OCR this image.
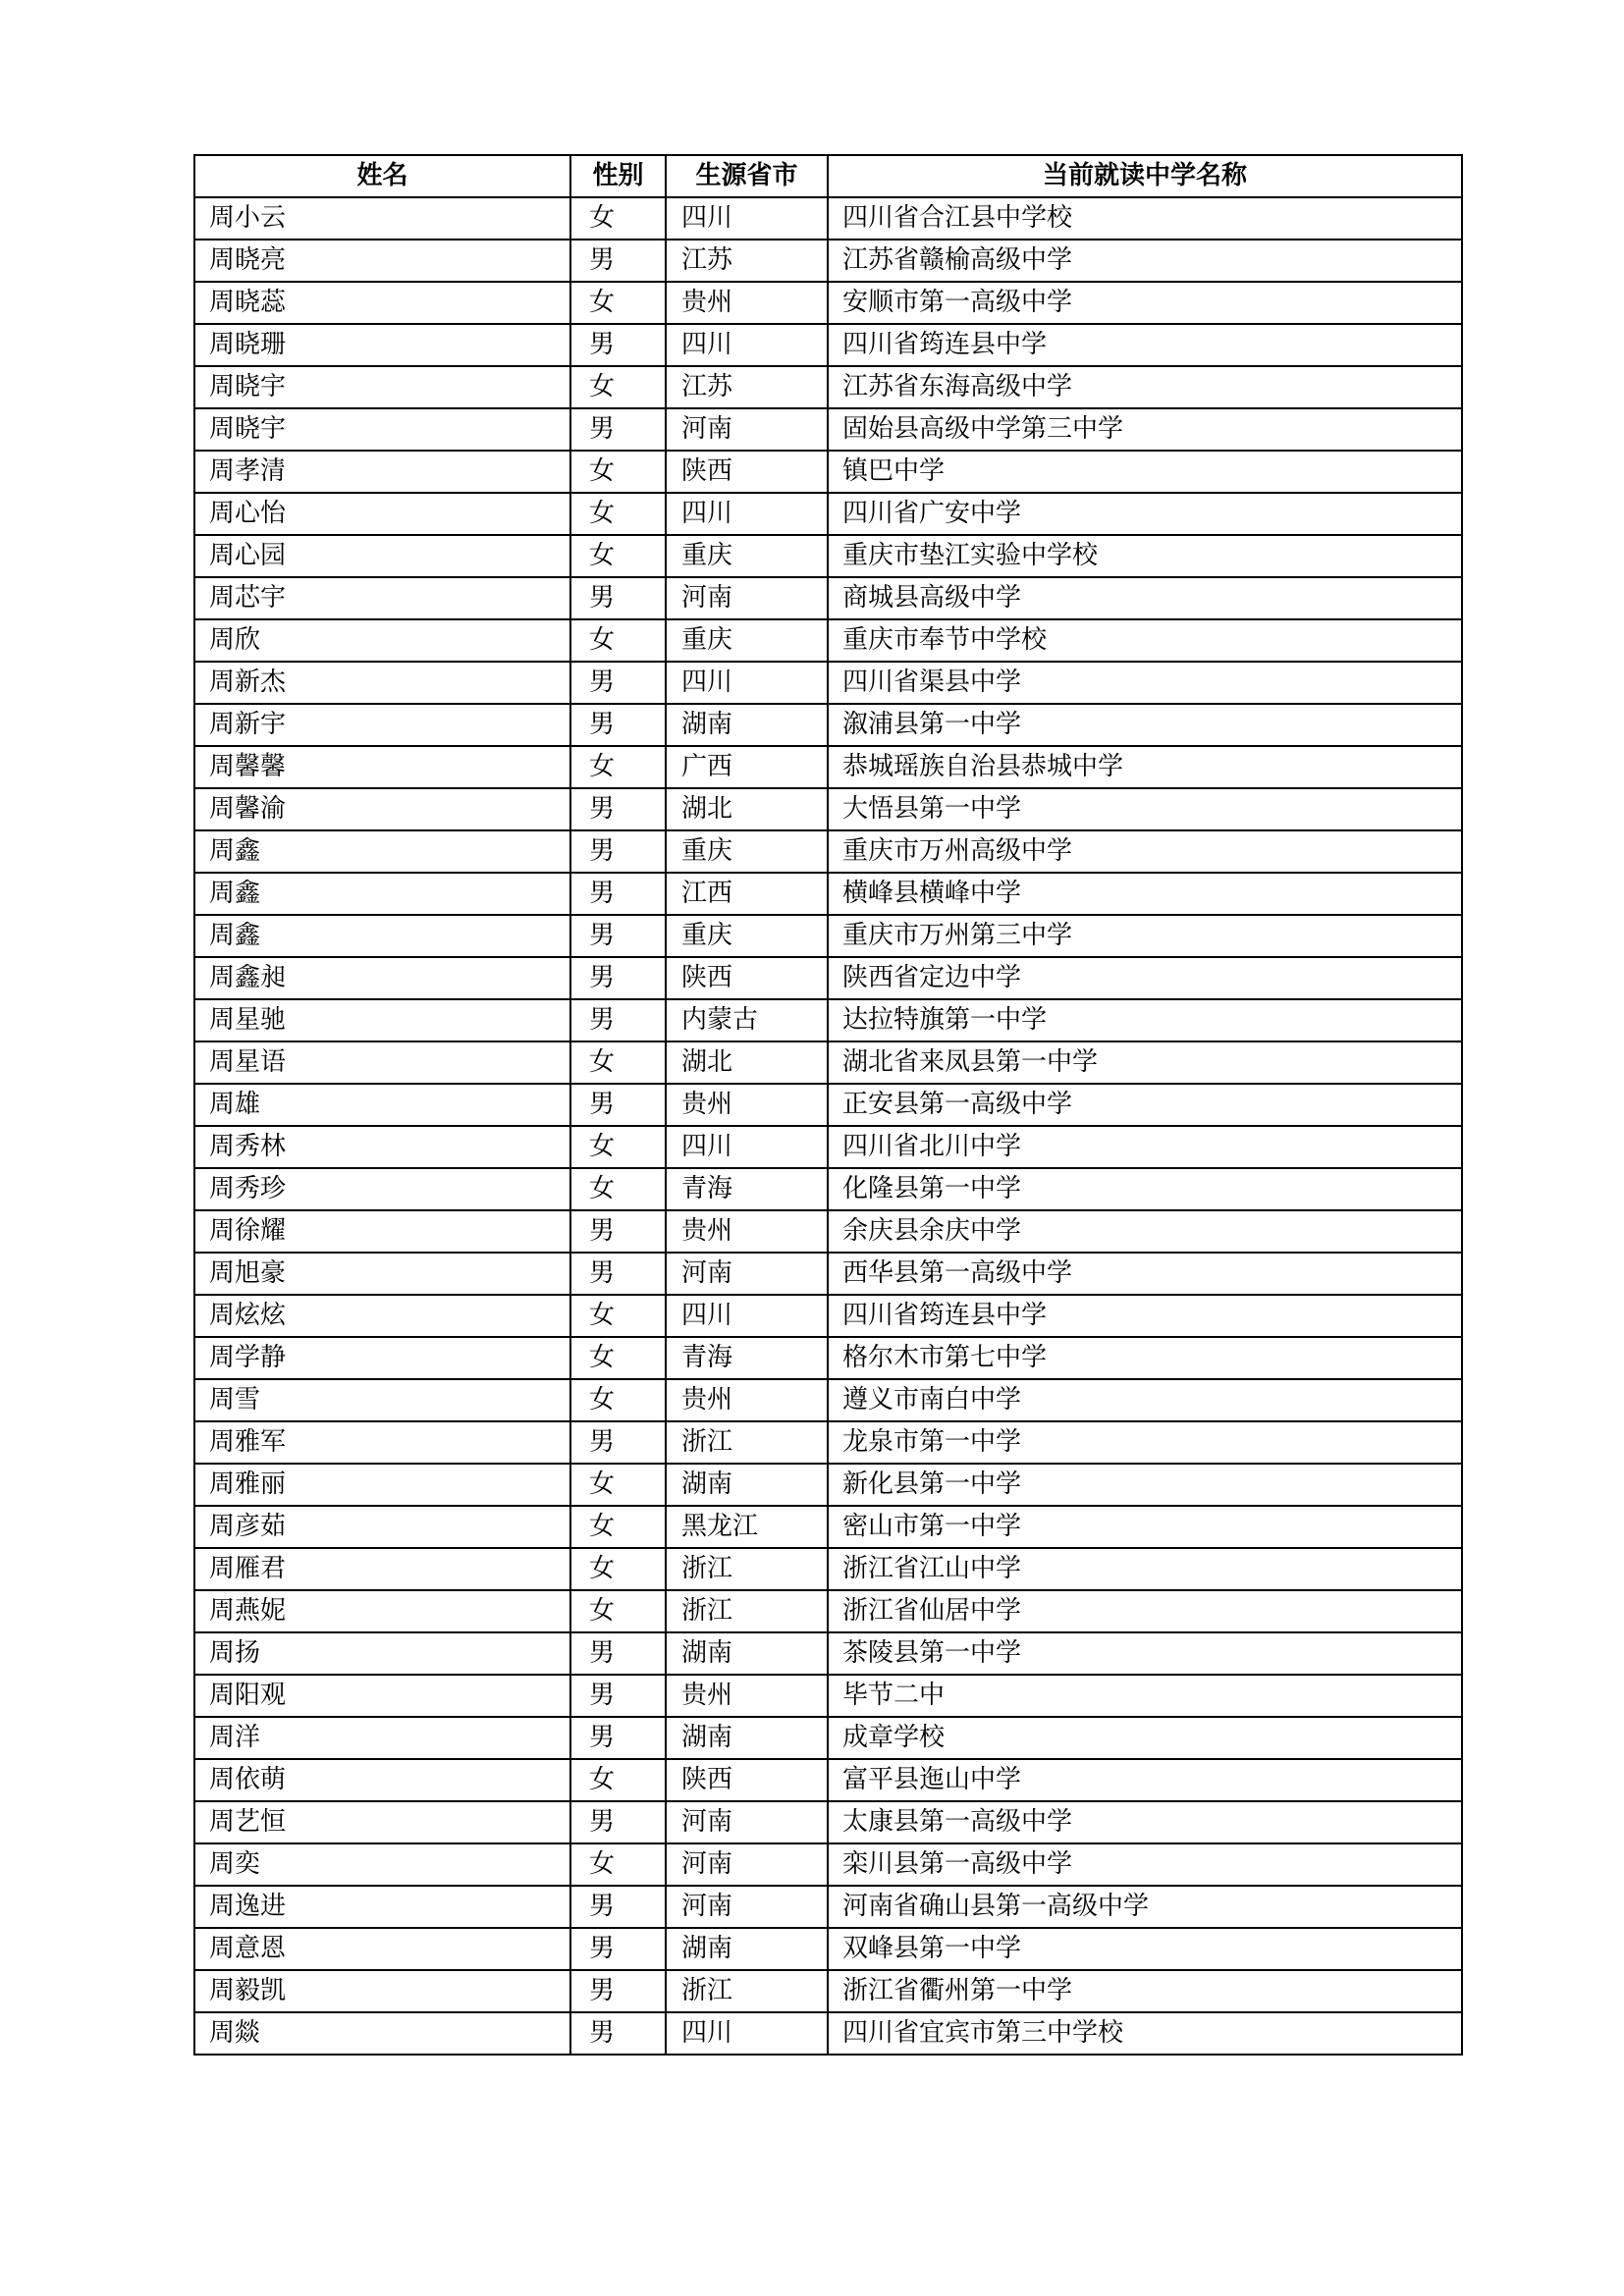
姓名	性别	生源省市	当前就读中学名称
周小云	女	四川	四川省合江县中学校
周晓亮	男	江苏	江苏省赣榆高级中学
周晓蕊	女	贵州	安顺市第一高级中学
周晓珊	男	四川	四川省筠连县中学
周晓宇	女	江苏	江苏省东海高级中学
周晓宇	男	河南	固始县高级中学第三中学
周孝清	女	陕西	镇巴中学
周心怡	女	四川	四川省广安中学
周心园	女	重庆	重庆市垫江实验中学校
周芯宇	男	河南	商城县高级中学
周欣	女	重庆	重庆市奉节中学校
周新杰	男	四川	四川省渠县中学
周新宇	男	湖南	溆浦县第一中学
周馨馨	女	广西	恭城瑶族自治县恭城中学
周馨渝	男	湖北	大悟县第一中学
周鑫	男	重庆	重庆市万州高级中学
周鑫	男	江西	横峰县横峰中学
周鑫	男	重庆	重庆市万州第三中学
周鑫昶	男	陕西	陕西省定边中学
周星驰	男	内蒙古	达拉特旗第一中学
周星语	女	湖北	湖北省来凤县第一中学
周雄	男	贵州	正安县第一高级中学
周秀林	女	四川	四川省北川中学
周秀珍	女	青海	化隆县第一中学
周徐耀	男	贵州	余庆县余庆中学
周旭豪	男	河南	西华县第一高级中学
周炫炫	女	四川	四川省筠连县中学
周学静	女	青海	格尔木市第七中学
周雪	女	贵州	遵义市南白中学
周雅军	男	浙江	龙泉市第一中学
周雅丽	女	湖南	新化县第一中学
周彦茹	女	黑龙江	密山市第一中学
周雁君	女	浙江	浙江省江山中学
周燕妮	女	浙江	浙江省仙居中学
周扬	男	湖南	茶陵县第一中学
周阳观	男	贵州	毕节二中
周洋	男	湖南	成章学校
周依萌	女	陕西	富平县迤山中学
周艺恒	男	河南	太康县第一高级中学
周奕	女	河南	栾川县第一高级中学
周逸进	男	河南	河南省确山县第一高级中学
周意恩	男	湖南	双峰县第一中学
周毅凯	男	浙江	浙江省衢州第一中学
周燚	男	四川	四川省宜宾市第三中学校
